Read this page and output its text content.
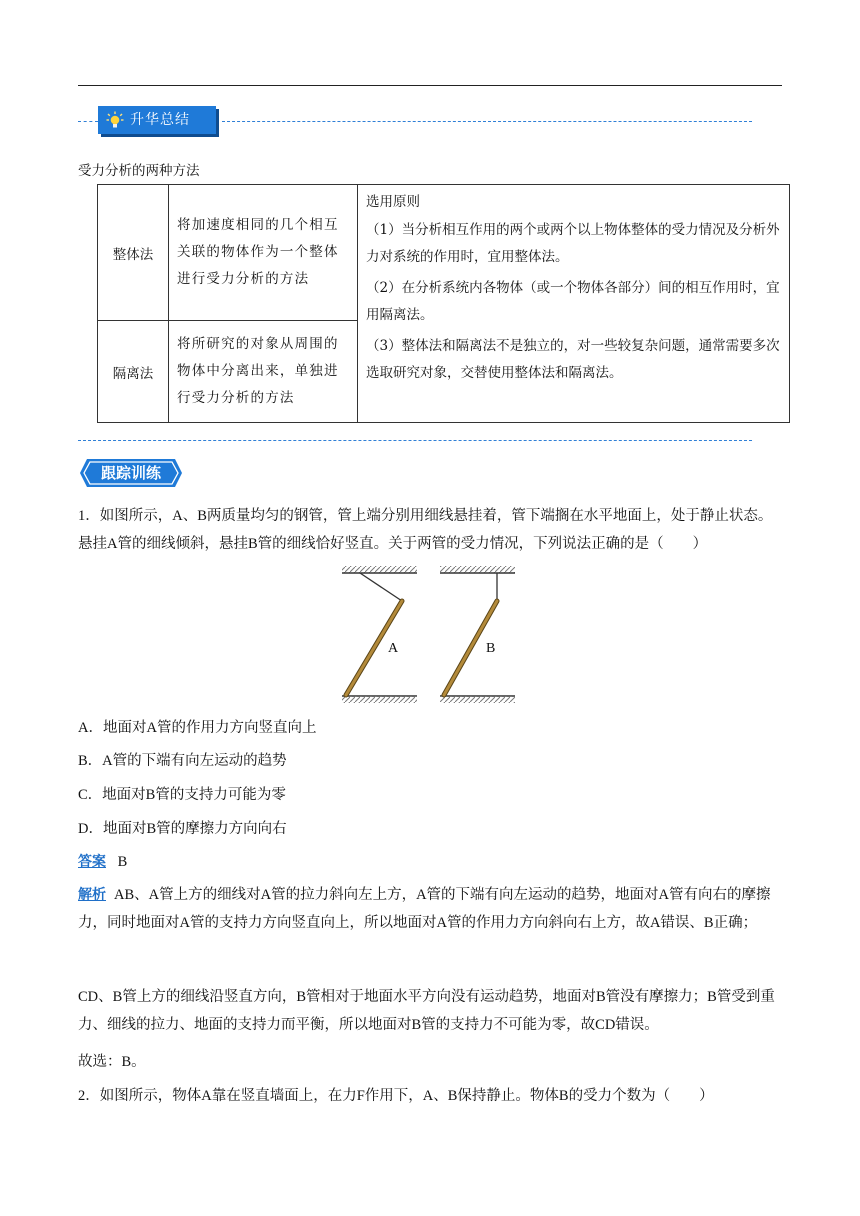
升华总结
受力分析的两种方法
整体法	将加速度相同的几个相互关联的物体作为一个整体进行受力分析的方法	选用原则
（1）当分析相互作用的两个或两个以上物体整体的受力情况及分析外力对系统的作用时，宜用整体法。
（2）在分析系统内各物体（或一个物体各部分）间的相互作用时，宜用隔离法。
（3）整体法和隔离法不是独立的，对一些较复杂问题，通常需要多次选取研究对象，交替使用整体法和隔离法。

隔离法	将所研究的对象从周围的物体中分离出来，单独进行受力分析的方法	
跟踪训练
1．如图所示，A、B两质量均匀的钢管，管上端分别用细线悬挂着，管下端搁在水平地面上，处于静止状态。悬挂A管的细线倾斜，悬挂B管的细线恰好竖直。关于两管的受力情况，下列说法正确的是（　　）
A	B
A．地面对A管的作用力方向竖直向上
B．A管的下端有向左运动的趋势
C．地面对B管的支持力可能为零
D．地面对B管的摩擦力方向向右
答案 B
解析 AB、A管上方的细线对A管的拉力斜向左上方，A管的下端有向左运动的趋势，地面对A管有向右的摩擦力，同时地面对A管的支持力方向竖直向上，所以地面对A管的作用力方向斜向右上方，故A错误、B正确；
CD、B管上方的细线沿竖直方向，B管相对于地面水平方向没有运动趋势，地面对B管没有摩擦力；B管受到重力、细线的拉力、地面的支持力而平衡，所以地面对B管的支持力不可能为零，故CD错误。
故选：B。
2．如图所示，物体A靠在竖直墙面上，在力F作用下，A、B保持静止。物体B的受力个数为（　　）
